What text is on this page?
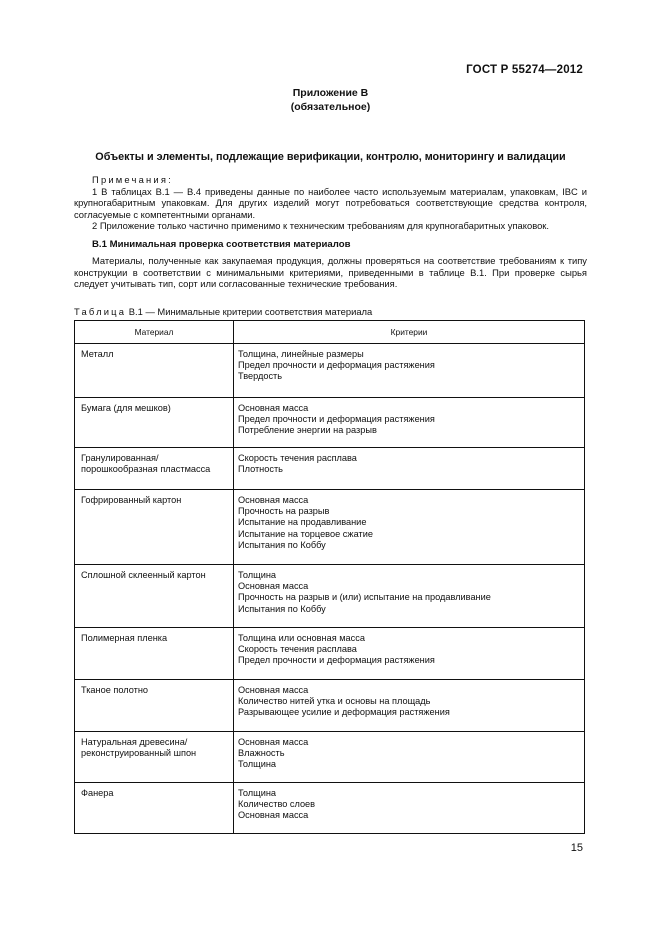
ГОСТ Р 55274—2012
Приложение В
(обязательное)
Объекты и элементы, подлежащие верификации, контролю, мониторингу и валидации
Примечания:

1 В таблицах В.1 — В.4 приведены данные по наиболее часто используемым материалам, упаковкам, IBC и крупногабаритным упаковкам. Для других изделий могут потребоваться соответствующие средства контроля, согласуемые с компетентными органами.

2 Приложение только частично применимо к техническим требованиям для крупногабаритных упаковок.

В.1 Минимальная проверка соответствия материалов
Материалы, полученные как закупаемая продукция, должны проверяться на соответствие требованиям к типу конструкции в соответствии с минимальными критериями, приведенными в таблице В.1. При проверке сырья следует учитывать тип, сорт или согласованные технические требования.
Таблица В.1 — Минимальные критерии соответствия материала
Материал	Критерии
Металл	Толщина, линейные размеры
Предел прочности и деформация растяжения
Твердость

Бумага (для мешков)	Основная масса
Предел прочности и деформация растяжения
Потребление энергии на разрыв

Гранулированная/порошкообразная пластмасса	Скорость течения расплава
Плотность

Гофрированный картон	Основная масса
Прочность на разрыв
Испытание на продавливание
Испытание на торцевое сжатие
Испытания по Коббу

Сплошной склеенный картон	Толщина
Основная масса
Прочность на разрыв и (или) испытание на продавливание
Испытания по Коббу

Полимерная пленка	Толщина или основная масса
Скорость течения расплава
Предел прочности и деформация растяжения

Тканое полотно	Основная масса
Количество нитей утка и основы на площадь
Разрывающее усилие и деформация растяжения

Натуральная древесина/реконструированный шпон	Основная масса
Влажность
Толщина

Фанера	Толщина
Количество слоев
Основная масса
15
